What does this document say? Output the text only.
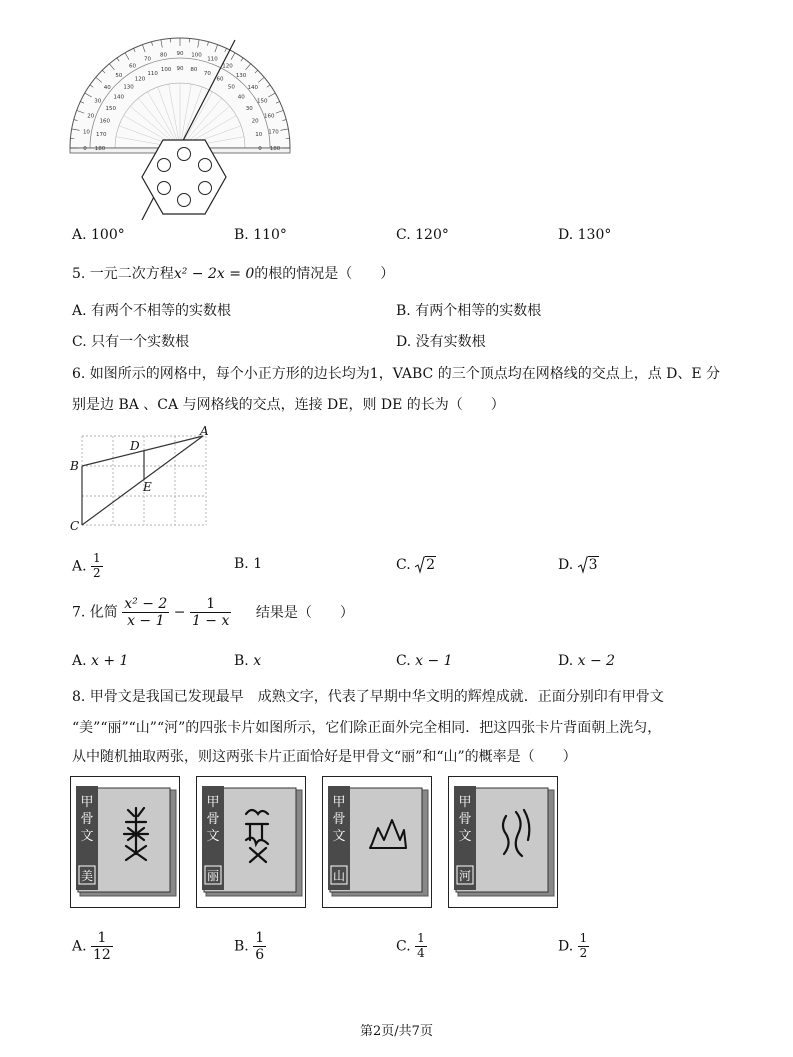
0	0
10	10
20
20
30
30
40
40
50
50
60
60
70
70
80
80
90
90
100
100
110
110
120
120
130
130	140
140
150
150
160
160
170
170
180
180
A. 100°	B. 110°	C. 120°	D. 130°
5. 一元二次方程x² − 2x = 0的根的情况是（　　）
A. 有两个不相等的实数根	B. 有两个相等的实数根
C. 只有一个实数根	D. 没有实数根
6. 如图所示的网格中，每个小正方形的边长均为1，VABC 的三个顶点均在网格线的交点上，点 D、E 分
别是边 BA 、CA 与网格线的交点，连接 DE，则 DE 的长为（　　）
A
B
C
D
E
A. $\frac{1}{2}$	B. 1	C. 2	D. 3
7. 化简 $\frac{\text{x² − 2}}{x - 1} - \frac{1}{1 - x}$ 结果是（　　）
A. x + 1	B. x	C. x − 1	D. x − 2
8. 甲骨文是我国已发现最早　成熟文字，代表了早期中华文明的辉煌成就．正面分别印有甲骨文
“美”“丽”“山”“河”的四张卡片如图所示，它们除正面外完全相同．把这四张卡片背面朝上洗匀，
从中随机抽取两张，则这两张卡片正面恰好是甲骨文“丽”和“山”的概率是（　　）
甲
骨
文
美
甲
骨
文
丽
甲
骨
文
山
甲
骨
文
河
A. $\frac{1}{12}$	B. $\frac{1}{6}$	C. $\frac{1}{4}$	D. $\frac{1}{2}$
第2页/共7页
